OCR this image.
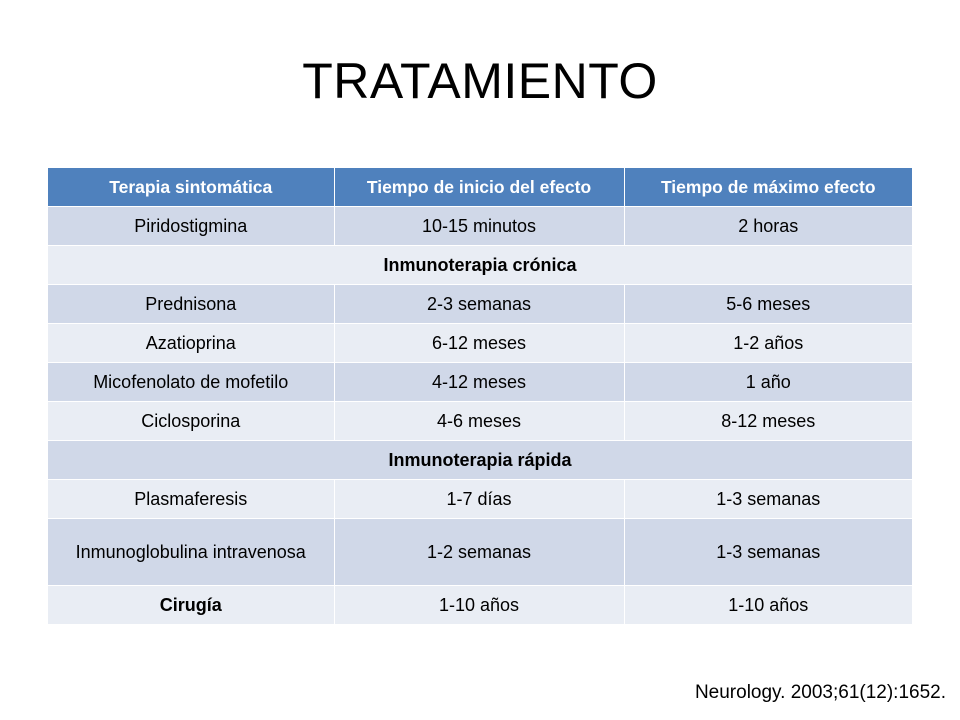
TRATAMIENTO
Terapia sintomática	Tiempo de inicio del efecto	Tiempo de máximo efecto
Piridostigmina	10-15 minutos	2 horas
Inmunoterapia crónica		
Prednisona	2-3 semanas	5-6 meses
Azatioprina	6-12 meses	1-2 años
Micofenolato de mofetilo	4-12 meses	1 año
Ciclosporina	4-6 meses	8-12 meses
Inmunoterapia rápida		
Plasmaferesis	1-7 días	1-3 semanas
Inmunoglobulina intravenosa	1-2 semanas	1-3 semanas
Cirugía	1-10 años	1-10 años
Neurology. 2003;61(12):1652.
